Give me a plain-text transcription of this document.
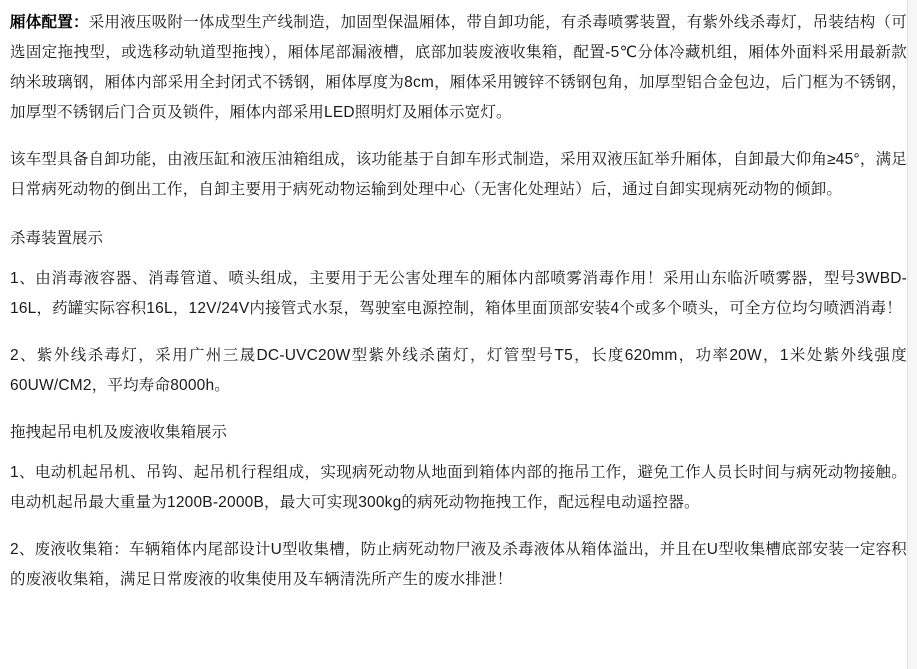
厢体配置：采用液压吸附一体成型生产线制造，加固型保温厢体，带自卸功能，有杀毒喷雾装置，有紫外线杀毒灯，吊装结构（可选固定拖拽型，或选移动轨道型拖拽），厢体尾部漏液槽，底部加装废液收集箱，配置-5℃分体冷藏机组，厢体外面料采用最新款纳米玻璃钢，厢体内部采用全封闭式不锈钢，厢体厚度为8cm，厢体采用镀锌不锈钢包角，加厚型铝合金包边，后门框为不锈钢，加厚型不锈钢后门合页及锁件，厢体内部采用LED照明灯及厢体示宽灯。

该车型具备自卸功能，由液压缸和液压油箱组成，该功能基于自卸车形式制造，采用双液压缸举升厢体，自卸最大仰角≥45°，满足日常病死动物的倒出工作，自卸主要用于病死动物运输到处理中心（无害化处理站）后，通过自卸实现病死动物的倾卸。

杀毒装置展示

1、由消毒液容器、消毒管道、喷头组成，主要用于无公害处理车的厢体内部喷雾消毒作用！采用山东临沂喷雾器，型号3WBD-16L，药罐实际容积16L，12V/24V内接管式水泵，驾驶室电源控制，箱体里面顶部安装4个或多个喷头，可全方位均匀喷洒消毒！

2、紫外线杀毒灯，采用广州三晟DC-UVC20W型紫外线杀菌灯，灯管型号T5，长度620mm，功率20W，1米处紫外线强度60UW/CM2，平均寿命8000h。

拖拽起吊电机及废液收集箱展示

1、电动机起吊机、吊钩、起吊机行程组成，实现病死动物从地面到箱体内部的拖吊工作，避免工作人员长时间与病死动物接触。电动机起吊最大重量为1200B-2000B，最大可实现300kg的病死动物拖拽工作，配远程电动遥控器。

2、废液收集箱：车辆箱体内尾部设计U型收集槽，防止病死动物尸液及杀毒液体从箱体溢出，并且在U型收集槽底部安装一定容积的废液收集箱，满足日常废液的收集使用及车辆清洗所产生的废水排泄！
